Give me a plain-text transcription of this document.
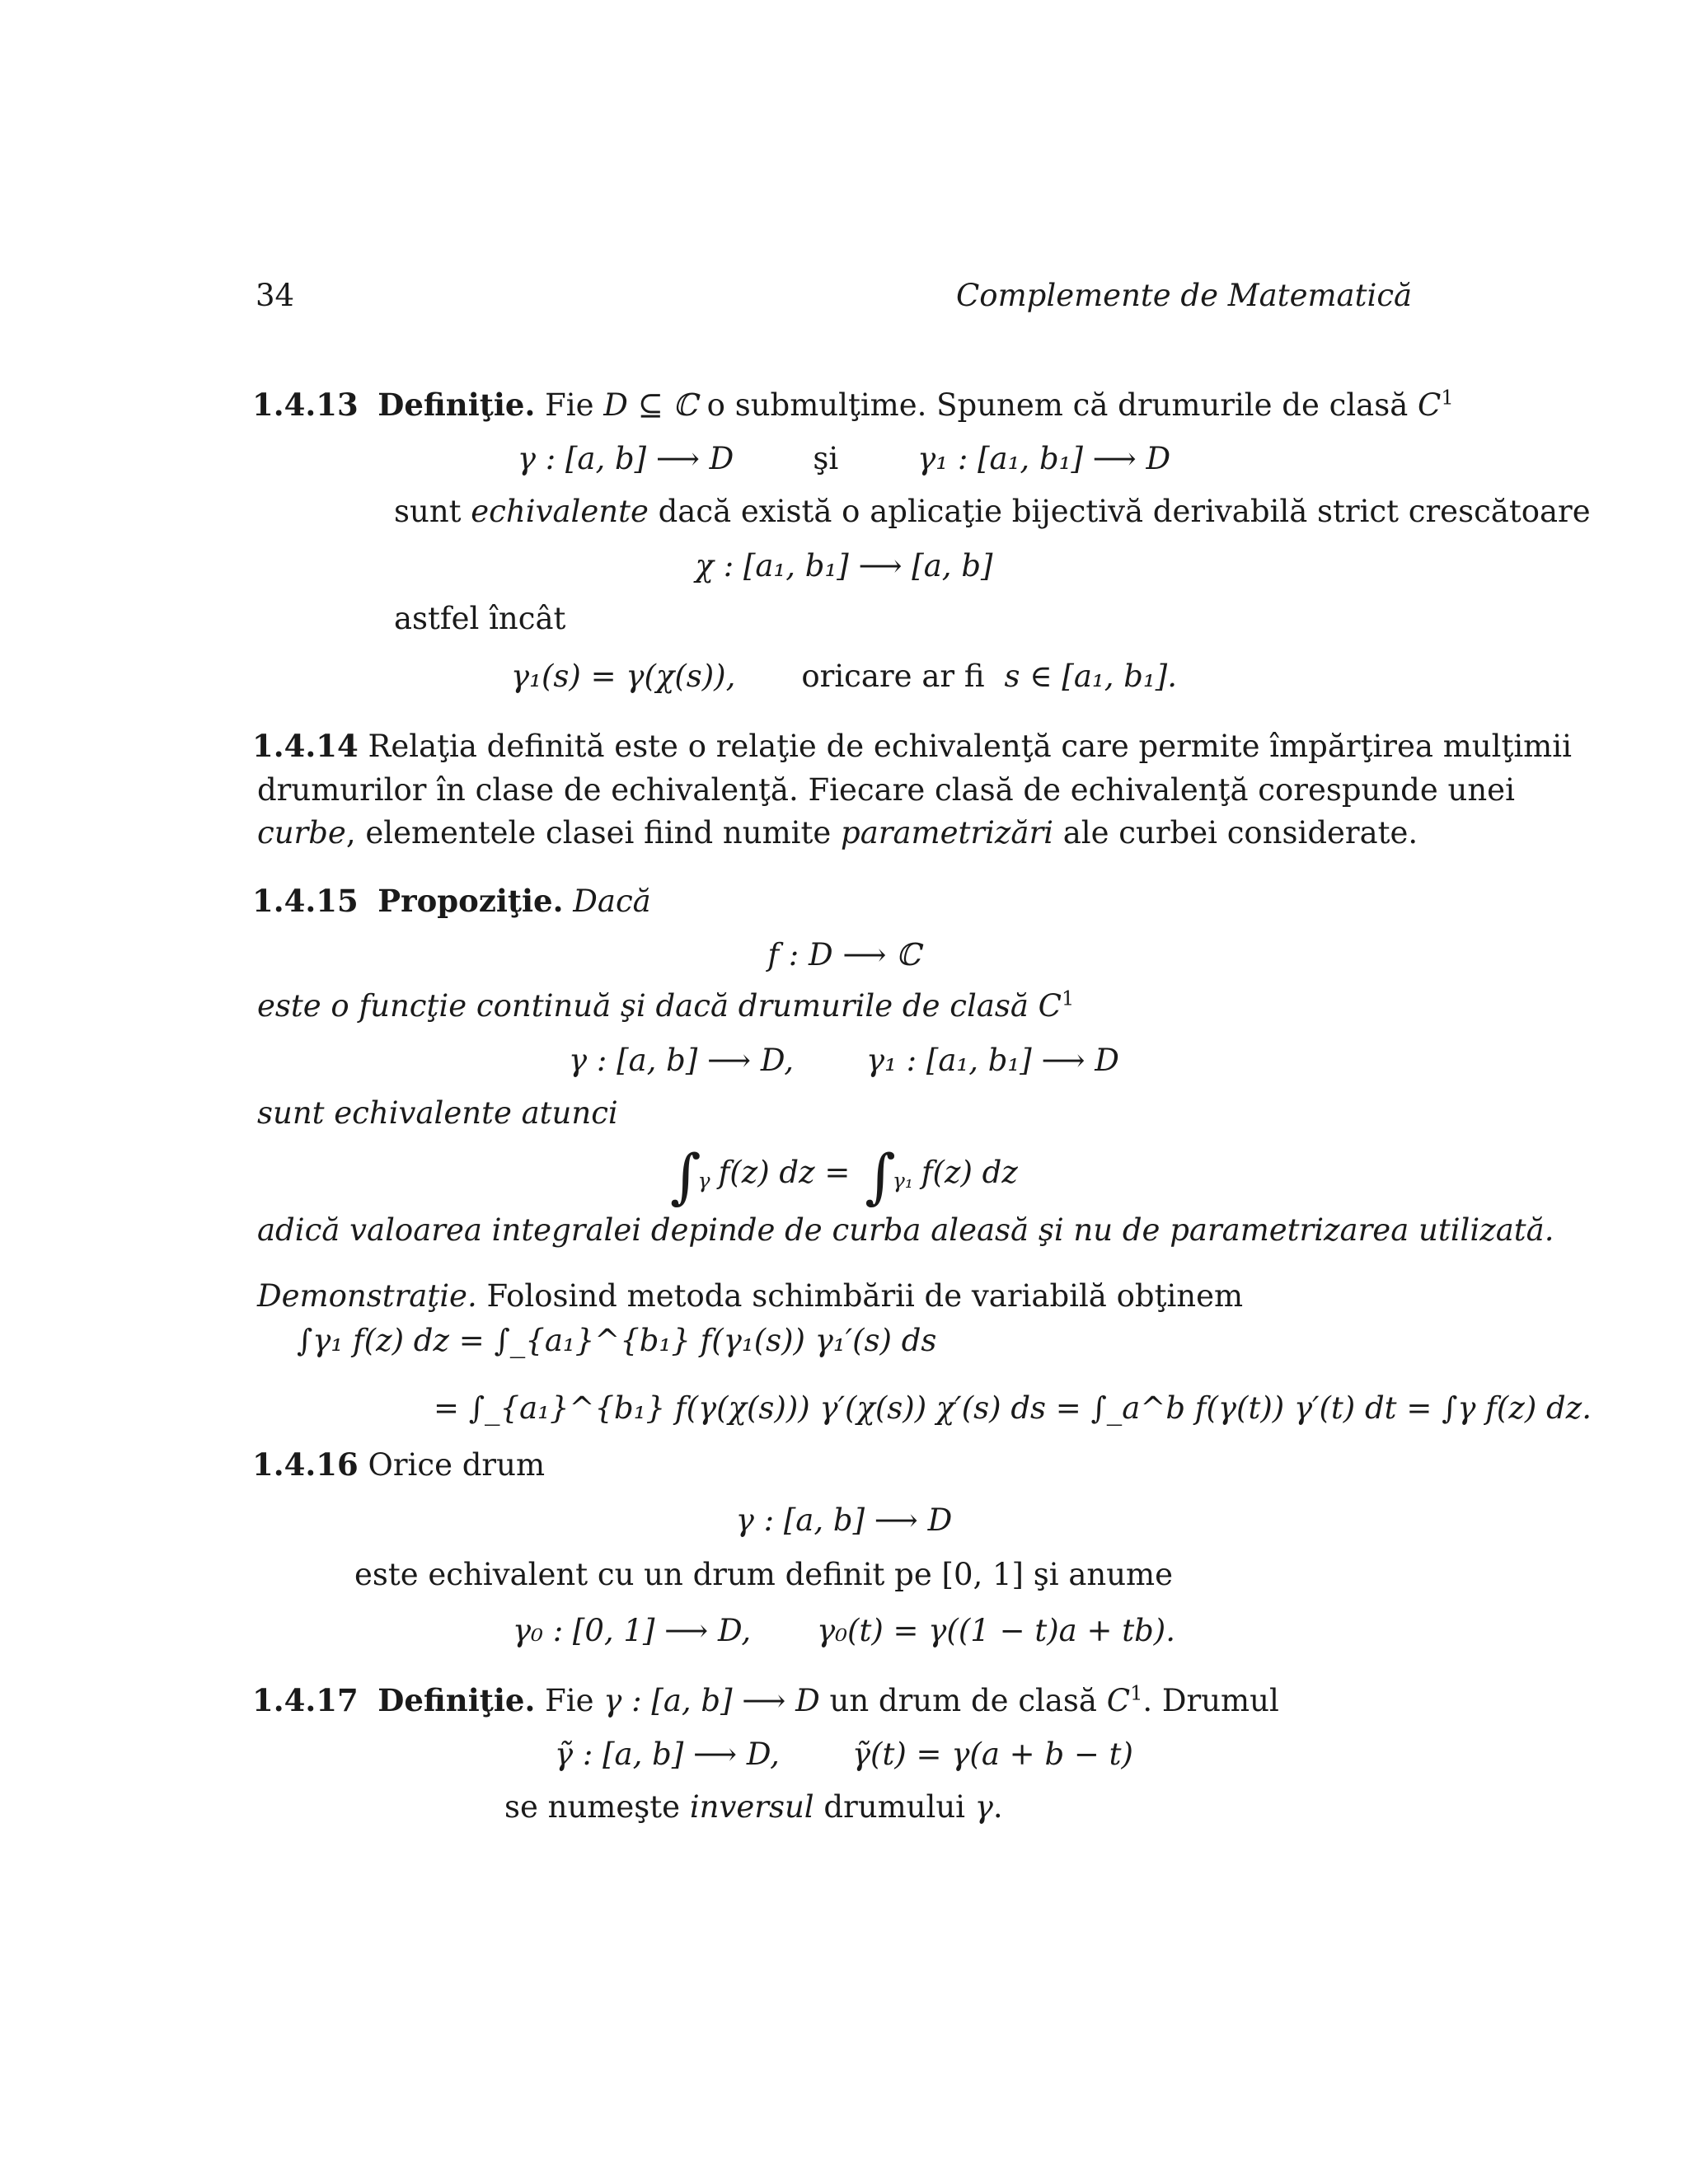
34	Complemente de Matematică
1.4.13 Definiţie. Fie D ⊆ ℂ o submulţime. Spunem că drumurile de clasă $C^1$
γ : [a, b] ⟶ D	şi	γ₁ : [a₁, b₁] ⟶ D
sunt echivalente dacă există o aplicaţie bijectivă derivabilă strict crescătoare
χ : [a₁, b₁] ⟶ [a, b]
astfel încât
γ₁(s) = γ(χ(s)), oricare ar fi s ∈ [a₁, b₁].
1.4.14 Relaţia definită este o relaţie de echivalenţă care permite împărţirea mulţimii
drumurilor în clase de echivalenţă. Fiecare clasă de echivalenţă corespunde unei
curbe, elementele clasei fiind numite parametrizări ale curbei considerate.
1.4.15 Propoziţie. Dacă
f : D ⟶ ℂ
este o funcţie continuă şi dacă drumurile de clasă $C^1$
γ : [a, b] ⟶ D, γ₁ : [a₁, b₁] ⟶ D
sunt echivalente atunci
∫
γ f(z) dz = ∫
γ₁ f(z) dz
adică valoarea integralei depinde de curba aleasă şi nu de parametrizarea utilizată.
Demonstraţie. Folosind metoda schimbării de variabilă obţinem
∫γ₁ f(z) dz = ∫_{a₁}^{b₁} f(γ₁(s)) γ₁′(s) ds
= ∫_{a₁}^{b₁} f(γ(χ(s))) γ′(χ(s)) χ′(s) ds = ∫_a^b f(γ(t)) γ′(t) dt = ∫γ f(z) dz.
1.4.16 Orice drum
γ : [a, b] ⟶ D
este echivalent cu un drum definit pe [0, 1] şi anume
γ₀ : [0, 1] ⟶ D, γ₀(t) = γ((1 − t)a + tb).
1.4.17 Definiţie. Fie γ : [a, b] ⟶ D un drum de clasă $C^1$. Drumul
γ̃ : [a, b] ⟶ D, γ̃(t) = γ(a + b − t)
se numeşte inversul drumului γ.
